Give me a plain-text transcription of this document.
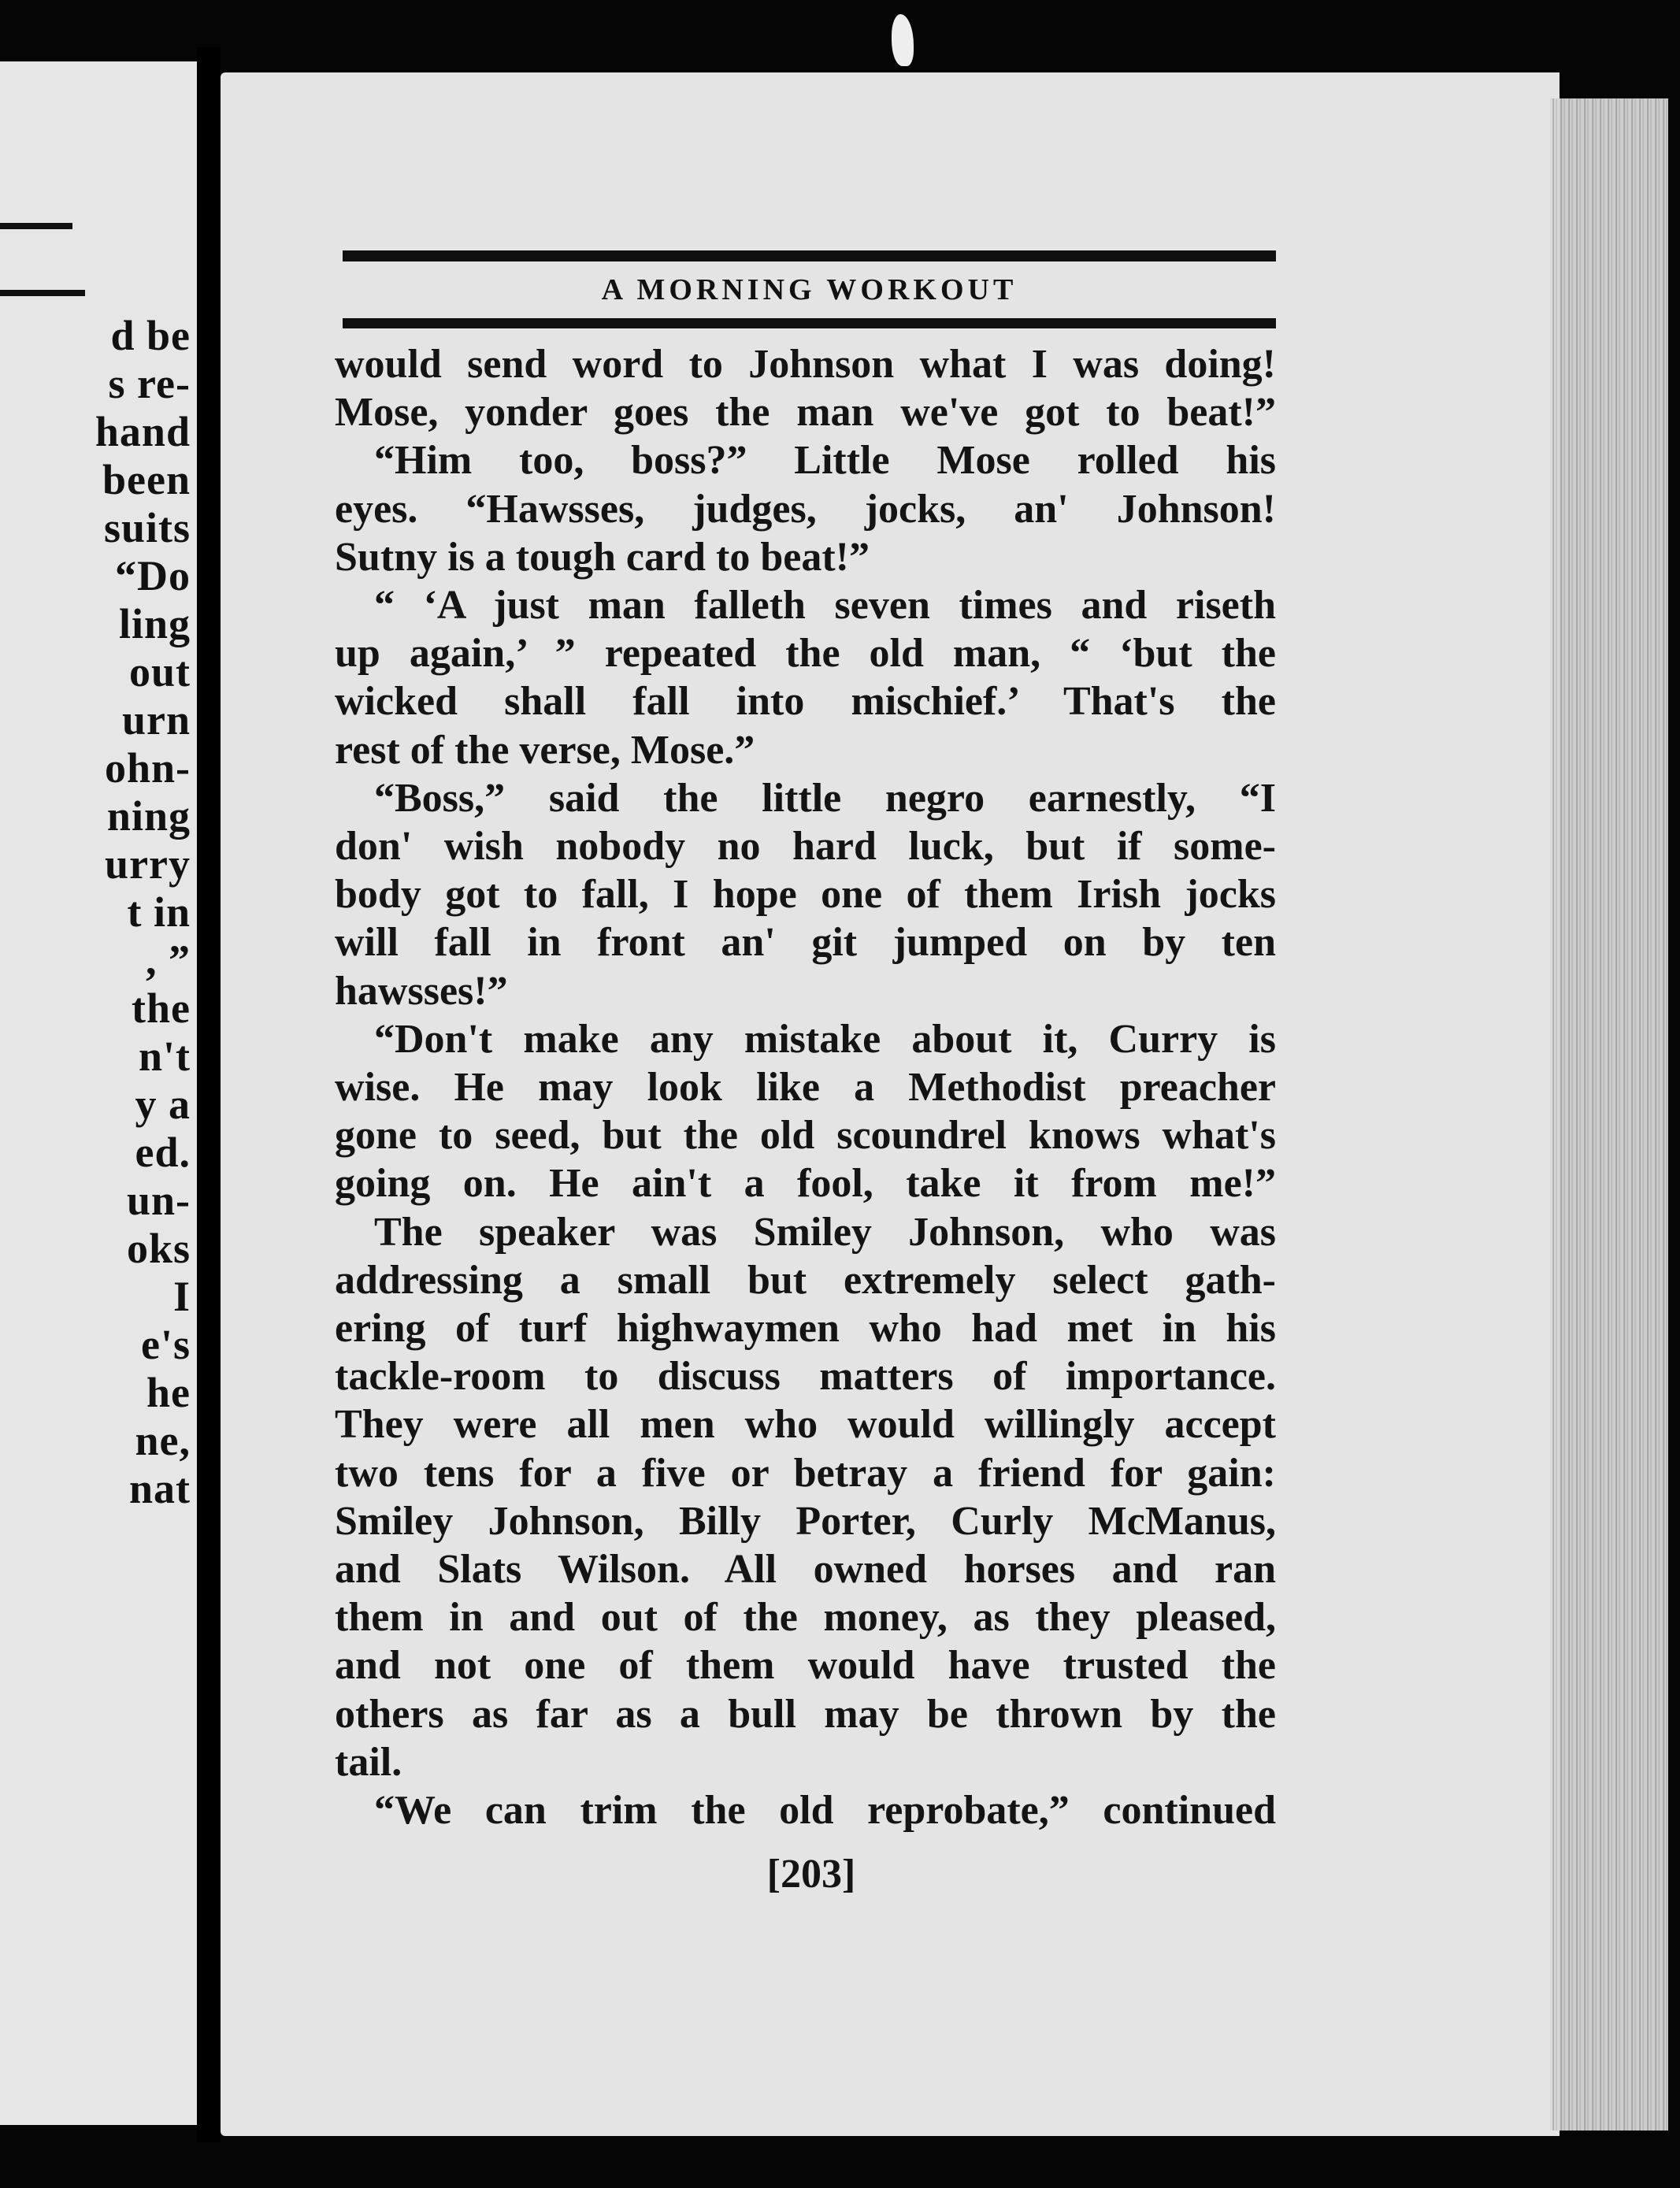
d be
s re-
hand
been
suits
“Do
ling
out
urn
ohn-
ning
urry
t in
, ”
the
n't
y a
ed.
un-
oks
I
e's
he
ne,
nat
A MORNING WORKOUT
would send word to Johnson what I was doing!
Mose, yonder goes the man we've got to beat!”
“Him too, boss?” Little Mose rolled his
eyes. “Hawsses, judges, jocks, an' Johnson!
Sutny is a tough card to beat!”
“ ‘A just man falleth seven times and riseth
up again,’ ” repeated the old man, “ ‘but the
wicked shall fall into mischief.’ That's the
rest of the verse, Mose.”
“Boss,” said the little negro earnestly, “I
don' wish nobody no hard luck, but if some-
body got to fall, I hope one of them Irish jocks
will fall in front an' git jumped on by ten
hawsses!”
“Don't make any mistake about it, Curry is
wise. He may look like a Methodist preacher
gone to seed, but the old scoundrel knows what's
going on. He ain't a fool, take it from me!”
The speaker was Smiley Johnson, who was
addressing a small but extremely select gath-
ering of turf highwaymen who had met in his
tackle-room to discuss matters of importance.
They were all men who would willingly accept
two tens for a five or betray a friend for gain:
Smiley Johnson, Billy Porter, Curly McManus,
and Slats Wilson. All owned horses and ran
them in and out of the money, as they pleased,
and not one of them would have trusted the
others as far as a bull may be thrown by the
tail.
“We can trim the old reprobate,” continued
[203]
